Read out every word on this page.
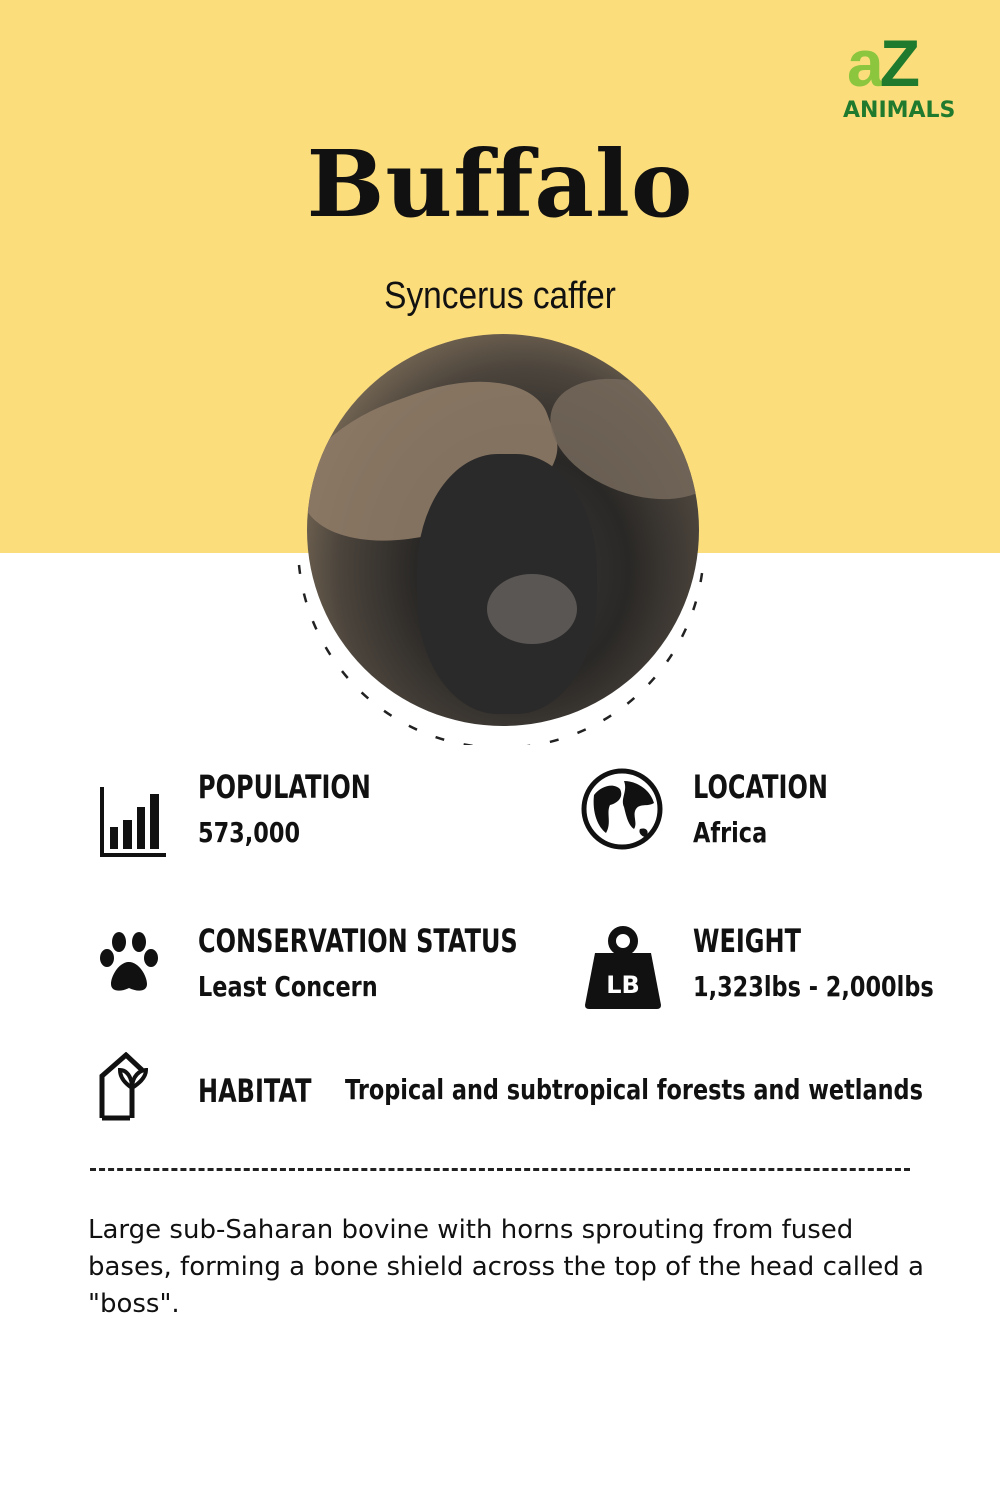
aZ
ANIMALS
Buffalo
Syncerus caffer
POPULATION
573,000
LOCATION
Africa
CONSERVATION STATUS
Least Concern	LB
WEIGHT
1,323lbs - 2,000lbs
HABITAT Tropical and subtropical forests and wetlands
Large sub-Saharan bovine with horns sprouting from fused bases, forming a bone shield across the top of the head called a "boss".
